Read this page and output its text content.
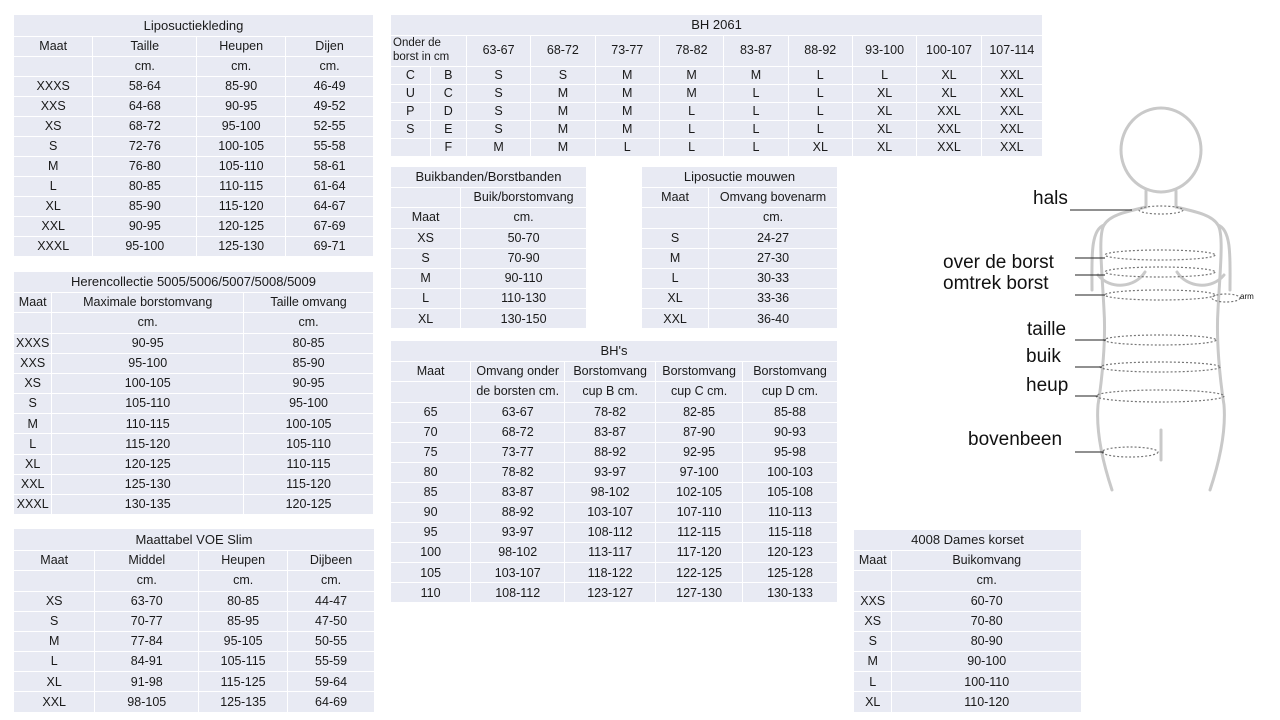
Liposuctiekleding			
Maat	Taille	Heupen	Dijen
	cm.	cm.	cm.
XXXS	58-64	85-90	46-49
XXS	64-68	90-95	49-52
XS	68-72	95-100	52-55
S	72-76	100-105	55-58
M	76-80	105-110	58-61
L	80-85	110-115	61-64
XL	85-90	115-120	64-67
XXL	90-95	120-125	67-69
XXXL	95-100	125-130	69-71
Herencollectie 5005/5006/5007/5008/5009		
Maat	Maximale borstomvang	Taille omvang
	cm.	cm.
XXXS	90-95	80-85
XXS	95-100	85-90
XS	100-105	90-95
S	105-110	95-100
M	110-115	100-105
L	115-120	105-110
XL	120-125	110-115
XXL	125-130	115-120
XXXL	130-135	120-125
Maattabel VOE Slim			
Maat	Middel	Heupen	Dijbeen
	cm.	cm.	cm.
XS	63-70	80-85	44-47
S	70-77	85-95	47-50
M	77-84	95-105	50-55
L	84-91	105-115	55-59
XL	91-98	115-125	59-64
XXL	98-105	125-135	64-69
BH 2061										
Onder de borst in cm		63-67	68-72	73-77	78-82	83-87	88-92	93-100	100-107	107-114
C	B	S	S	M	M	M	L	L	XL	XXL
U	C	S	M	M	M	L	L	XL	XL	XXL
P	D	S	M	M	L	L	L	XL	XXL	XXL
S	E	S	M	M	L	L	L	XL	XXL	XXL
	F	M	M	L	L	L	XL	XL	XXL	XXL
Buikbanden/Borstbanden	
	Buik/borstomvang
Maat	cm.
XS	50-70
S	70-90
M	90-110
L	110-130
XL	130-150
Liposuctie mouwen	
Maat	Omvang bovenarm
	cm.
S	24-27
M	27-30
L	30-33
XL	33-36
XXL	36-40
BH's				
Maat	Omvang onder	Borstomvang	Borstomvang	Borstomvang
	de borsten cm.	cup B cm.	cup C cm.	cup D cm.
65	63-67	78-82	82-85	85-88
70	68-72	83-87	87-90	90-93
75	73-77	88-92	92-95	95-98
80	78-82	93-97	97-100	100-103
85	83-87	98-102	102-105	105-108
90	88-92	103-107	107-110	110-113
95	93-97	108-112	112-115	115-118
100	98-102	113-117	117-120	120-123
105	103-107	118-122	122-125	125-128
110	108-112	123-127	127-130	130-133
4008 Dames korset	
Maat	Buikomvang
	cm.
XXS	60-70
XS	70-80
S	80-90
M	90-100
L	100-110
XL	110-120
hals
over de borst
omtrek borst
taille
buik
heup
bovenbeen
arm
